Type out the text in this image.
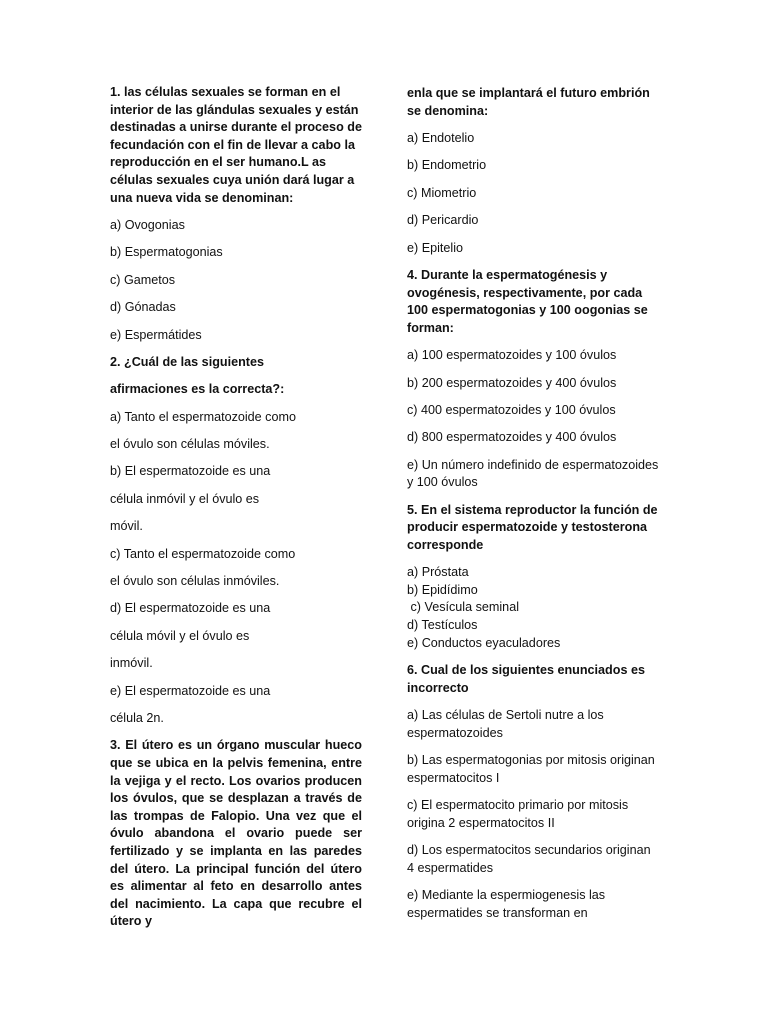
1. las células sexuales se forman en el interior de las glándulas sexuales y están destinadas a unirse durante el proceso de fecundación con el fin de llevar a cabo la reproducción en el ser humano.L as células sexuales cuya unión dará lugar a una nueva vida se denominan:

a) Ovogonias

b) Espermatogonias

c) Gametos

d) Gónadas

e) Espermátides

2. ¿Cuál de las siguientes

afirmaciones es la correcta?:

a) Tanto el espermatozoide como

el óvulo son células móviles.

b) El espermatozoide es una

célula inmóvil y el óvulo es

móvil.

c) Tanto el espermatozoide como

el óvulo son células inmóviles.

d) El espermatozoide es una

célula móvil y el óvulo es

inmóvil.

e) El espermatozoide es una

célula 2n.

3. El útero es un órgano muscular hueco que se ubica en la pelvis femenina, entre la vejiga y el recto. Los ovarios producen los óvulos, que se desplazan a través de las trompas de Falopio. Una vez que el óvulo abandona el ovario puede ser fertilizado y se implanta en las paredes del útero. La principal función del útero es alimentar al feto en desarrollo antes del nacimiento. La capa que recubre el útero y

enla que se implantará el futuro embrión se denomina:

a) Endotelio

b) Endometrio

c) Miometrio

d) Pericardio

e) Epitelio

4. Durante la espermatogénesis y ovogénesis, respectivamente, por cada 100 espermatogonias y 100 oogonias se forman:

a) 100 espermatozoides y 100 óvulos

b) 200 espermatozoides y 400 óvulos

c) 400 espermatozoides y 100 óvulos

d) 800 espermatozoides y 400 óvulos

e) Un número indefinido de espermatozoides y 100 óvulos

5. En el sistema reproductor la función de producir espermatozoide y testosterona corresponde

a) Próstata

b) Epidídimo

c) Vesícula seminal

d) Testículos

e) Conductos eyaculadores

6. Cual de los siguientes enunciados es incorrecto

a) Las células de Sertoli nutre a los espermatozoides

b) Las espermatogonias por mitosis originan espermatocitos I

c) El espermatocito primario por mitosis origina 2 espermatocitos II

d) Los espermatocitos secundarios originan 4 espermatides

e) Mediante la espermiogenesis las espermatides se transforman en
